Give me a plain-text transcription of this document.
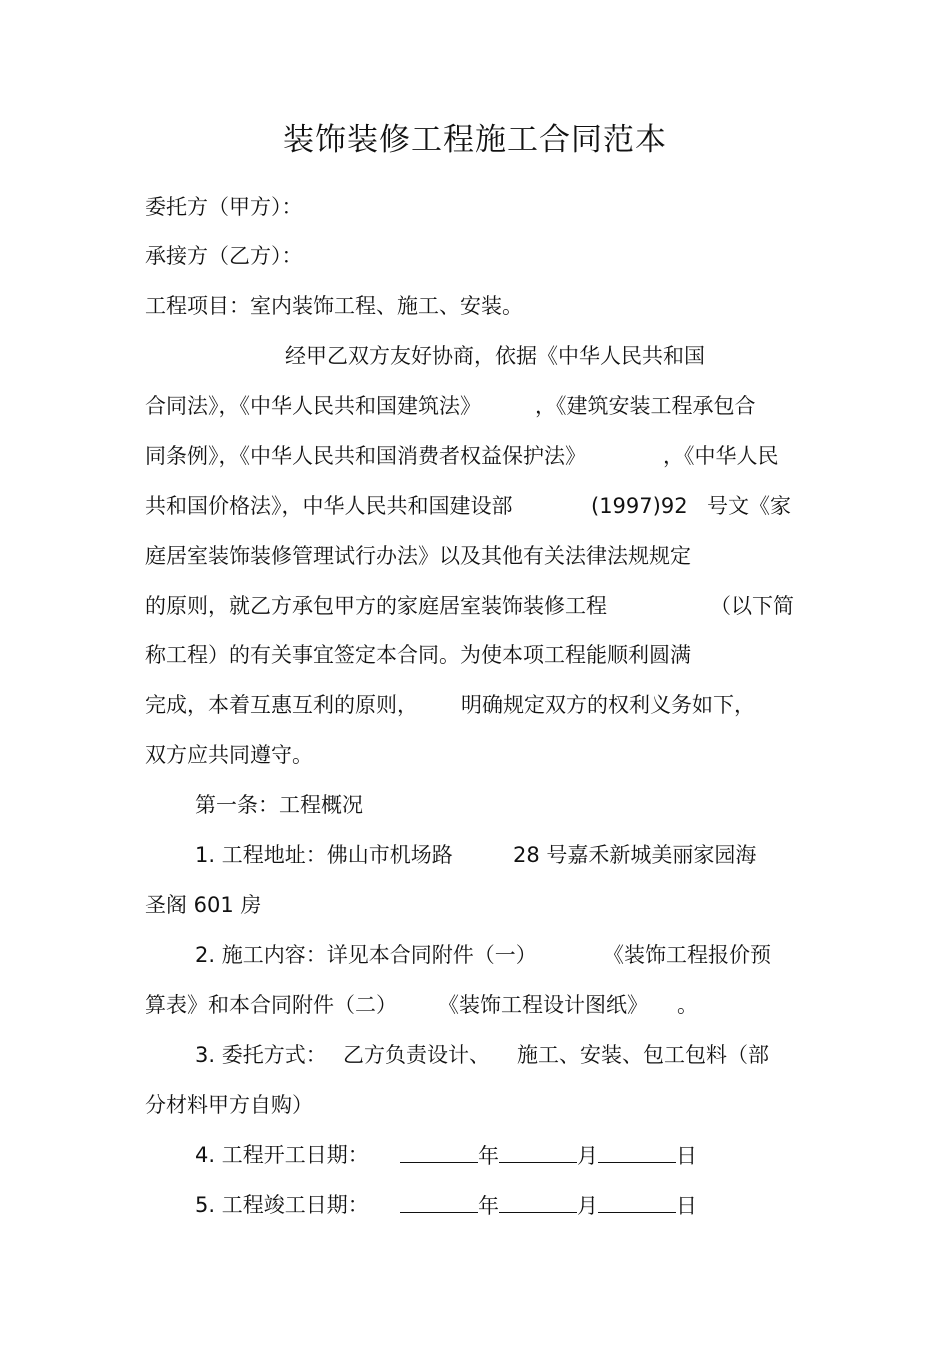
装饰装修工程施工合同范本
委托方（甲方）：
承接方（乙方）：
工程项目：室内装饰工程、施工、安装。
经甲乙双方友好协商，依据《中华人民共和国
合同法》，《中华人民共和国建筑法》	，《建筑安装工程承包合
同条例》，《中华人民共和国消费者权益保护法》	，《中华人民
共和国价格法》，中华人民共和国建设部	(1997)92 号文《家
庭居室装饰装修管理试行办法》以及其他有关法律法规规定
的原则，就乙方承包甲方的家庭居室装饰装修工程	（以下简
称工程）的有关事宜签定本合同。为使本项工程能顺利圆满
完成，本着互惠互利的原则， 明确规定双方的权利义务如下，
双方应共同遵守。
第一条：工程概况
1. 工程地址：佛山市机场路	28 号嘉禾新城美丽家园海
圣阁 601 房
2. 施工内容：详见本合同附件（一）	《装饰工程报价预
算表》和本合同附件（二） 《装饰工程设计图纸》 。
3. 委托方式： 乙方负责设计、 施工、安装、包工包料（部
分材料甲方自购）
4. 工程开工日期：	年	月	日
5. 工程竣工日期：	年	月	日
